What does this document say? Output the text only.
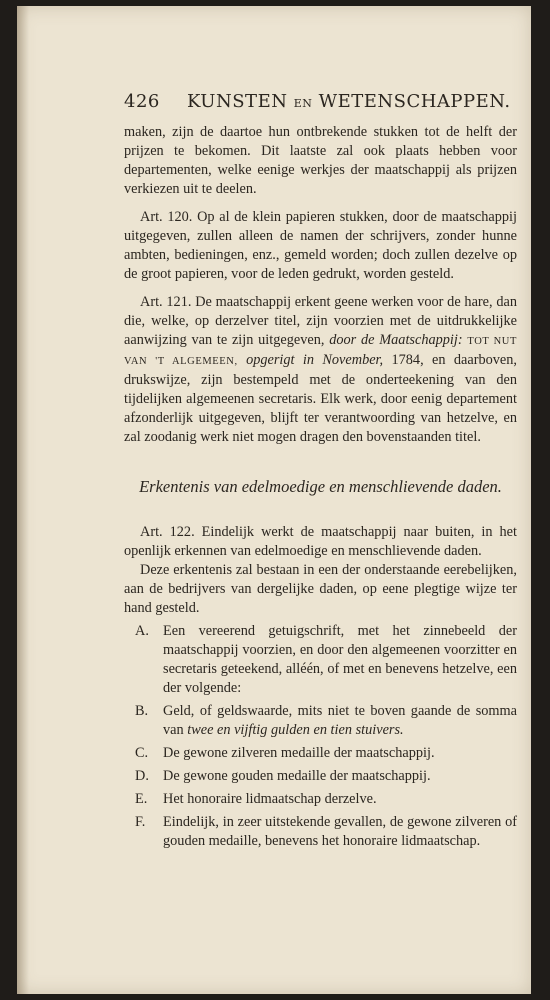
426 KUNSTEN EN WETENSCHAPPEN.

maken, zijn de daartoe hun ontbrekende stukken tot de helft der prijzen te bekomen. Dit laatste zal ook plaats hebben voor departementen, welke eenige werkjes der maatschappij als prijzen verkiezen uit te deelen.

Art. 120. Op al de klein papieren stukken, door de maatschappij uitgegeven, zullen alleen de namen der schrijvers, zonder hunne ambten, bedieningen, enz., gemeld worden; doch zullen dezelve op de groot papieren, voor de leden gedrukt, worden gesteld.

Art. 121. De maatschappij erkent geene werken voor de hare, dan die, welke, op derzelver titel, zijn voorzien met de uitdrukkelijke aanwijzing van te zijn uitgegeven, door de Maatschappij: TOT NUT VAN 'T ALGEMEEN, opgerigt in November, 1784, en daarboven, drukswijze, zijn bestempeld met de onderteekening van den tijdelijken algemeenen secretaris. Elk werk, door eenig departement afzonderlijk uitgegeven, blijft ter verantwoording van hetzelve, en zal zoodanig werk niet mogen dragen den bovenstaanden titel.

Erkentenis van edelmoedige en menschlievende daden.

Art. 122. Eindelijk werkt de maatschappij naar buiten, in het openlijk erkennen van edelmoedige en menschlievende daden.

Deze erkentenis zal bestaan in een der onderstaande eerebelijken, aan de bedrijvers van dergelijke daden, op eene plegtige wijze ter hand gesteld.

A. Een vereerend getuigschrift, met het zinnebeeld der maatschappij voorzien, en door den algemeenen voorzitter en secretaris geteekend, alléén, of met en benevens hetzelve, een der volgende:
B. Geld, of geldswaarde, mits niet te boven gaande de somma van twee en vijftig gulden en tien stuivers.
C. De gewone zilveren medaille der maatschappij.
D. De gewone gouden medaille der maatschappij.
E. Het honoraire lidmaatschap derzelve.
F. Eindelijk, in zeer uitstekende gevallen, de gewone zilveren of gouden medaille, benevens het honoraire lidmaatschap.
